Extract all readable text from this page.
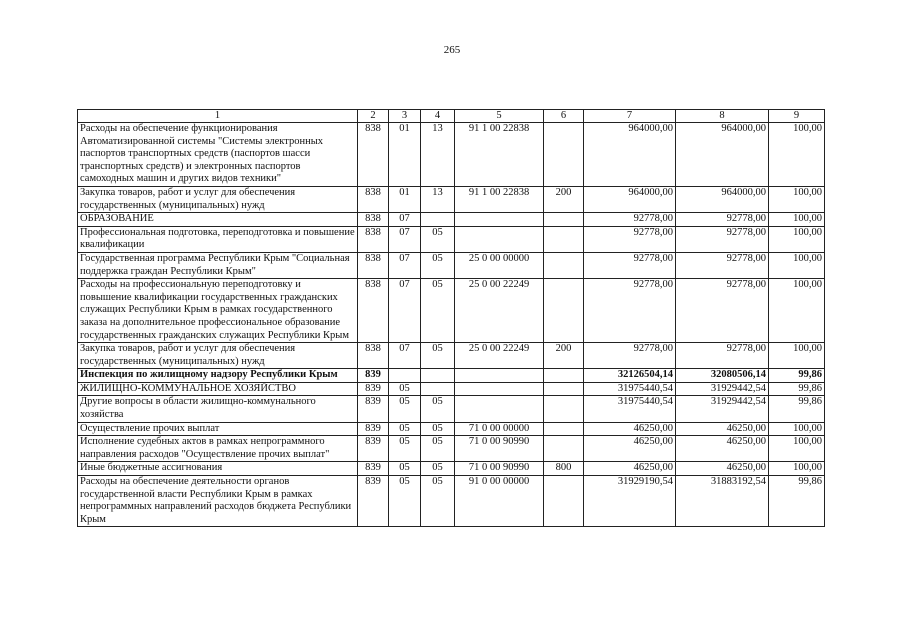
265
1	2	3	4	5	6	7	8	9
Расходы на обеспечение функционирования Автоматизированной системы "Системы электронных паспортов транспортных средств (паспортов шасси транспортных средств) и электронных паспортов самоходных машин и других видов техники"	838	01	13	91 1 00 22838		964000,00	964000,00	100,00
Закупка товаров, работ и услуг для обеспечения государственных (муниципальных) нужд	838	01	13	91 1 00 22838	200	964000,00	964000,00	100,00
ОБРАЗОВАНИЕ	838	07				92778,00	92778,00	100,00
Профессиональная подготовка, переподготовка и повышение квалификации	838	07	05			92778,00	92778,00	100,00
Государственная программа Республики Крым "Социальная поддержка граждан Республики Крым"	838	07	05	25 0 00 00000		92778,00	92778,00	100,00
Расходы на профессиональную переподготовку и повышение квалификации государственных гражданских служащих Республики Крым в рамках государственного заказа на дополнительное профессиональное образование государственных гражданских служащих Республики Крым	838	07	05	25 0 00 22249		92778,00	92778,00	100,00
Закупка товаров, работ и услуг для обеспечения государственных (муниципальных) нужд	838	07	05	25 0 00 22249	200	92778,00	92778,00	100,00
Инспекция по жилищному надзору Республики Крым	839					32126504,14	32080506,14	99,86
ЖИЛИЩНО-КОММУНАЛЬНОЕ ХОЗЯЙСТВО	839	05				31975440,54	31929442,54	99,86
Другие вопросы в области жилищно-коммунального хозяйства	839	05	05			31975440,54	31929442,54	99,86
Осуществление прочих выплат	839	05	05	71 0 00 00000		46250,00	46250,00	100,00
Исполнение судебных актов в рамках непрограммного направления расходов "Осуществление прочих выплат"	839	05	05	71 0 00 90990		46250,00	46250,00	100,00
Иные бюджетные ассигнования	839	05	05	71 0 00 90990	800	46250,00	46250,00	100,00
Расходы на обеспечение деятельности органов государственной власти Республики Крым в рамках непрограммных направлений расходов бюджета Республики Крым	839	05	05	91 0 00 00000		31929190,54	31883192,54	99,86
